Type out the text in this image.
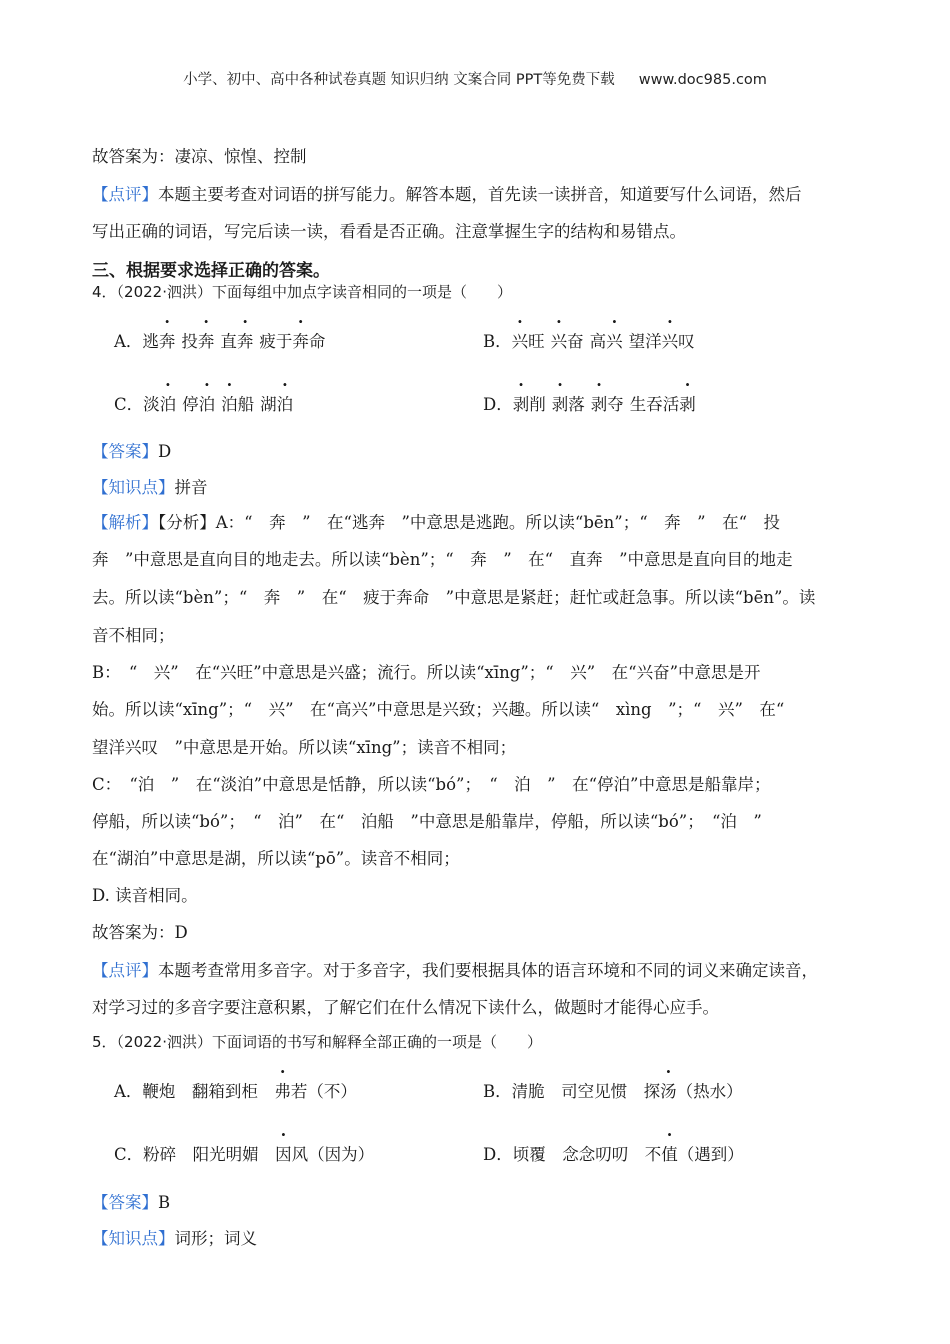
小学、初中、高中各种试卷真题 知识归纳 文案合同 PPT等免费下载 www.doc985.com
故答案为：凄凉、惊惶、控制
【点评】本题主要考查对词语的拼写能力。解答本题，首先读一读拼音，知道要写什么词语，然后
写出正确的词语，写完后读一读，看看是否正确。注意掌握生字的结构和易错点。
三、根据要求选择正确的答案。
4．（2022·泗洪）下面每组中加点字读音相同的一项是（　　）
A．逃奔 投奔 直奔 疲于奔命	B．兴旺 兴奋 高兴 望洋兴叹
C．淡泊 停泊 泊船 湖泊	D．剥削 剥落 剥夺 生吞活剥
【答案】D
【知识点】拼音
【解析】【分析】A：“　奔　”　在“逃奔　”中意思是逃跑。所以读“bēn”；“　奔　”　在“　投
奔　”中意思是直向目的地走去。所以读“bèn”；“　奔　”　在“　直奔　”中意思是直向目的地走
去。所以读“bèn”；“　奔　”　在“　疲于奔命　”中意思是紧赶；赶忙或赶急事。所以读“bēn”。读
音不相同；
B：　“　兴”　在“兴旺”中意思是兴盛；流行。所以读“xīng”；“　兴”　在“兴奋”中意思是开
始。所以读“xīng”；“　兴”　在“高兴”中意思是兴致；兴趣。所以读“　xìng　”；“　兴”　在“
望洋兴叹　”中意思是开始。所以读“xīng”；读音不相同；
C：　“泊　”　在“淡泊”中意思是恬静，所以读“bó”；　“　泊　”　在“停泊”中意思是船靠岸；
停船，所以读“bó”；　“　泊”　在“　泊船　”中意思是船靠岸，停船，所以读“bó”；　“泊　”
在“湖泊”中意思是湖，所以读“pō”。读音不相同；
D. 读音相同。
故答案为：D
【点评】本题考查常用多音字。对于多音字，我们要根据具体的语言环境和不同的词义来确定读音，
对学习过的多音字要注意积累，了解它们在什么情况下读什么，做题时才能得心应手。
5．（2022·泗洪）下面词语的书写和解释全部正确的一项是（　　）
A．鞭炮　翻箱到柜　弗若（不）	B．清脆　司空见惯　探汤（热水）
C．粉碎　阳光明媚　因风（因为）	D．顷覆　念念叨叨　不值（遇到）
【答案】B
【知识点】词形；词义
